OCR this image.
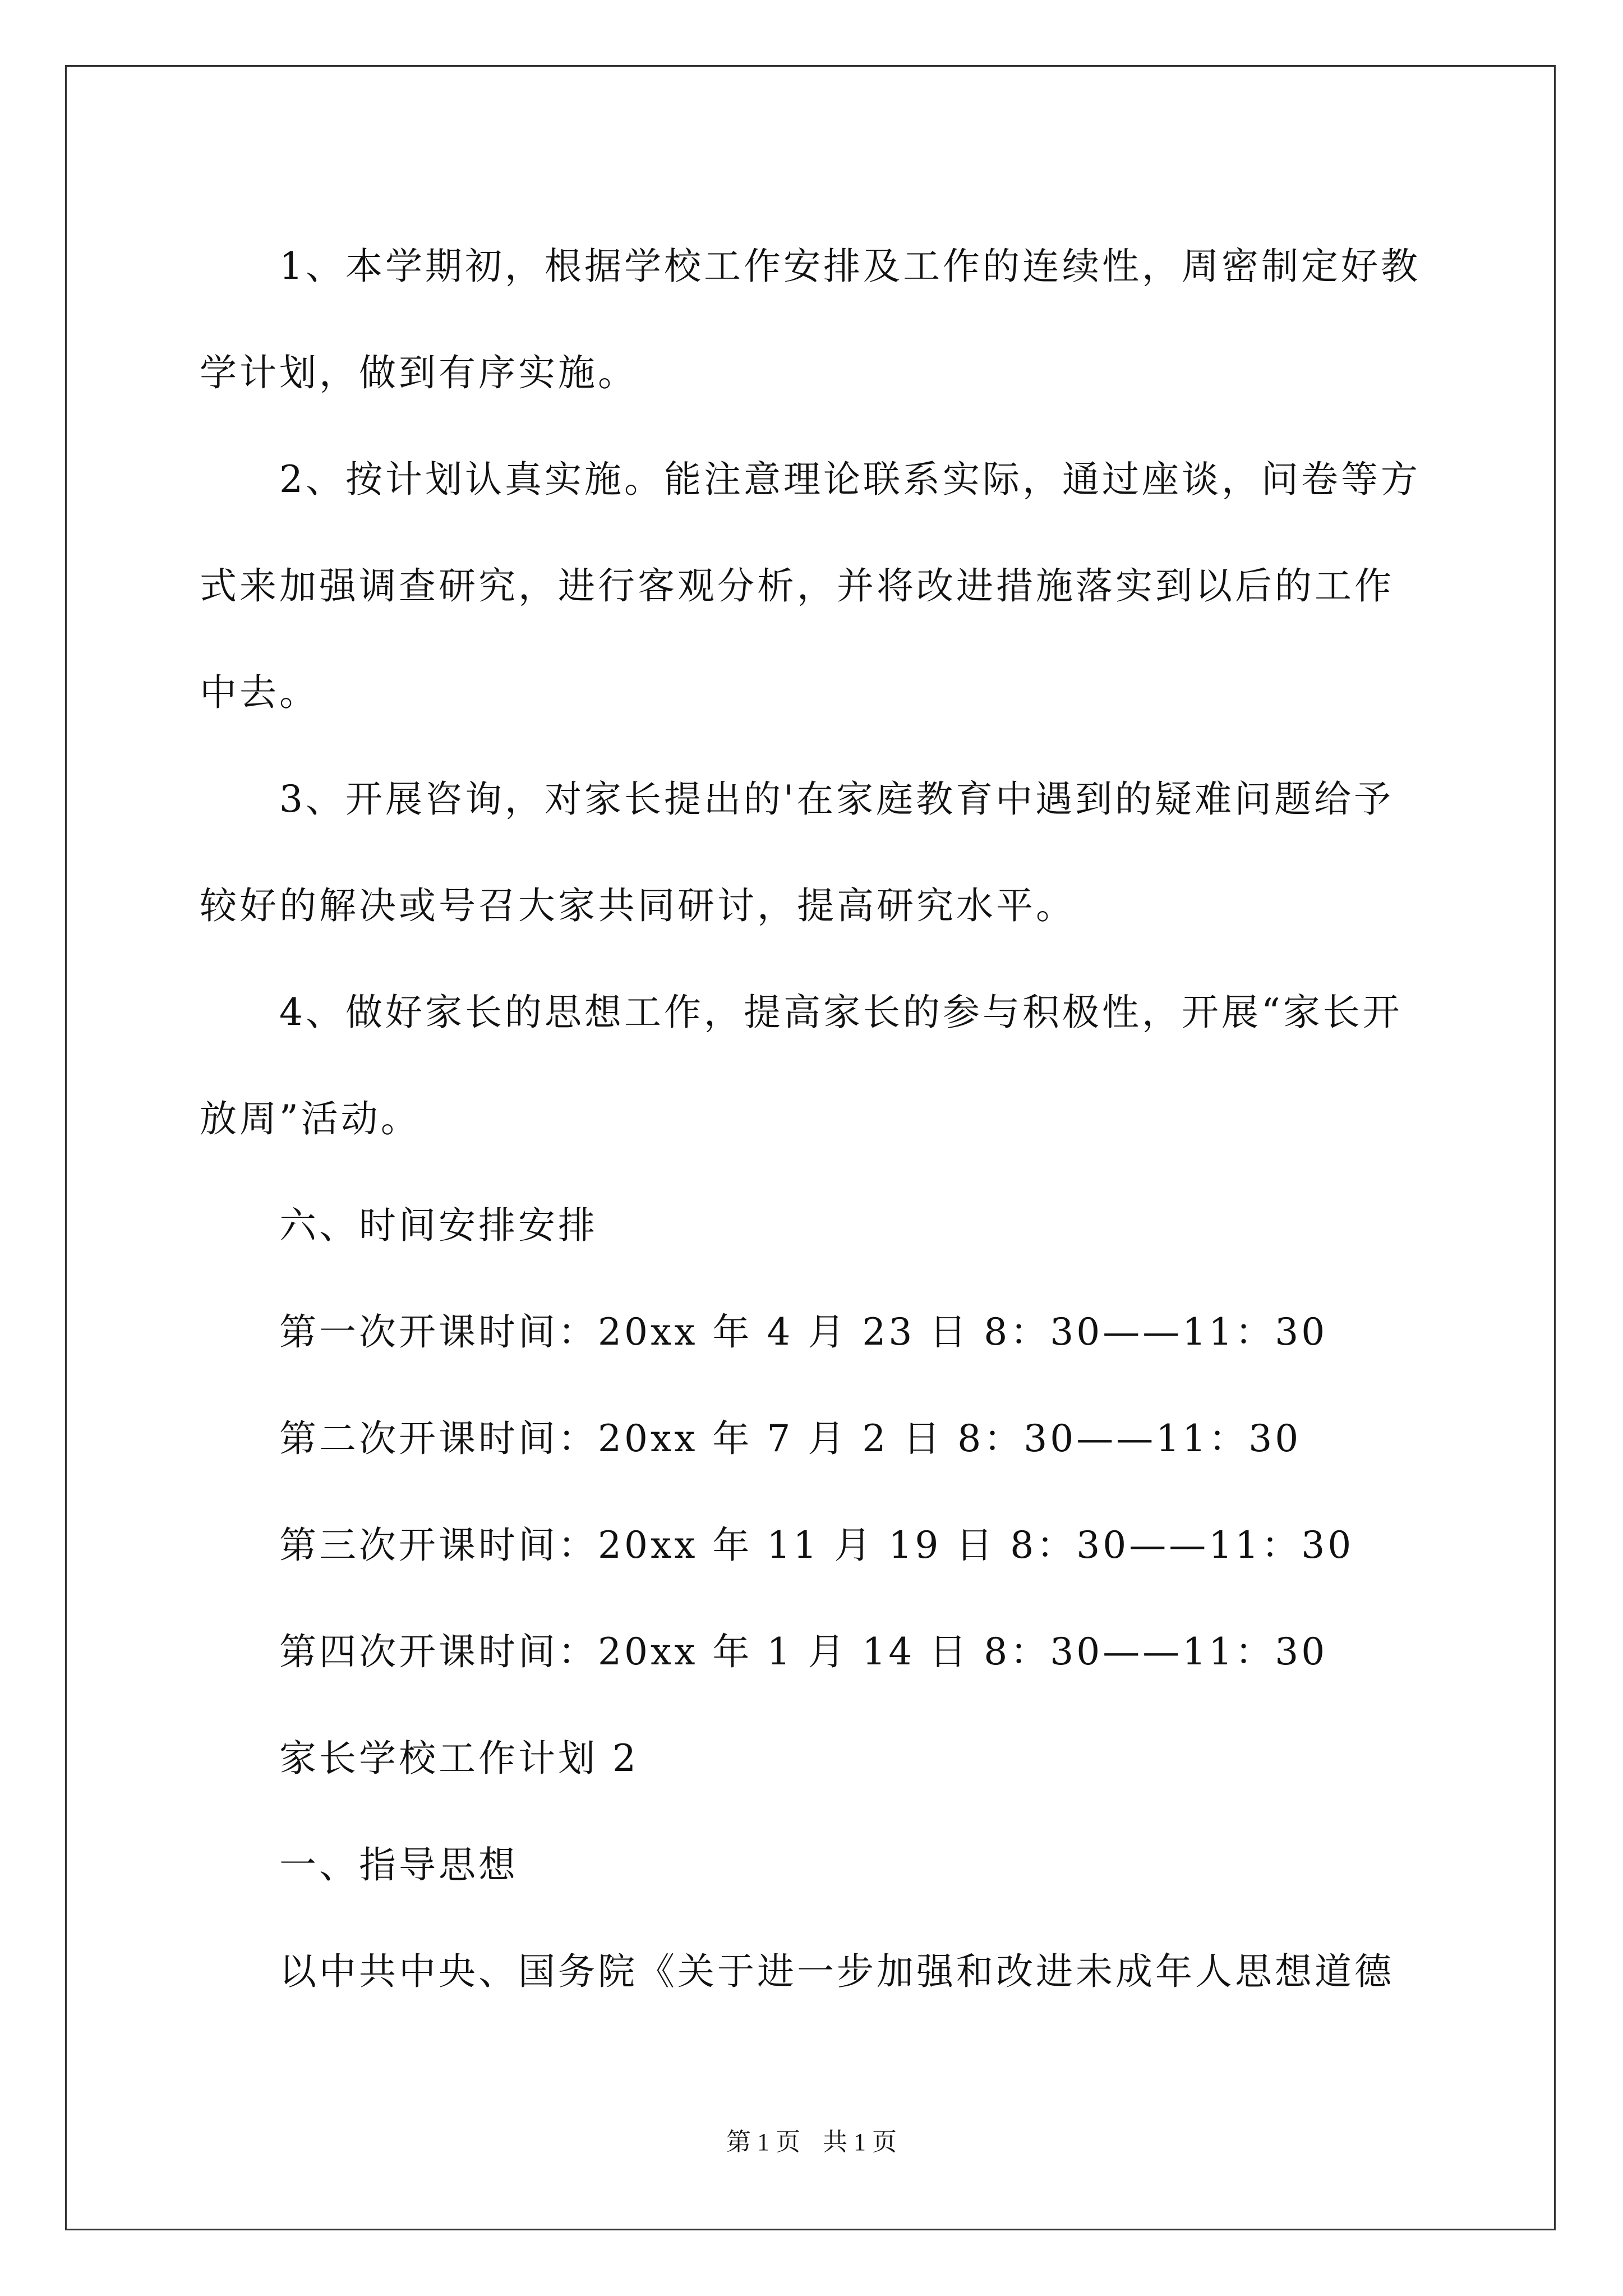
1、本学期初，根据学校工作安排及工作的连续性，周密制定好教学计划，做到有序实施。

2、按计划认真实施。能注意理论联系实际，通过座谈，问卷等方式来加强调查研究，进行客观分析，并将改进措施落实到以后的工作中去。

3、开展咨询，对家长提出的'在家庭教育中遇到的疑难问题给予较好的解决或号召大家共同研讨，提高研究水平。

4、做好家长的思想工作，提高家长的参与积极性，开展“家长开放周”活动。

六、时间安排安排

第一次开课时间：20xx 年 4 月 23 日 8：30——11：30

第二次开课时间：20xx 年 7 月 2 日 8：30——11：30

第三次开课时间：20xx 年 11 月 19 日 8：30——11：30

第四次开课时间：20xx 年 1 月 14 日 8：30——11：30

家长学校工作计划 2

一、指导思想

以中共中央、国务院《关于进一步加强和改进未成年人思想道德

第 1 页 共 1 页
